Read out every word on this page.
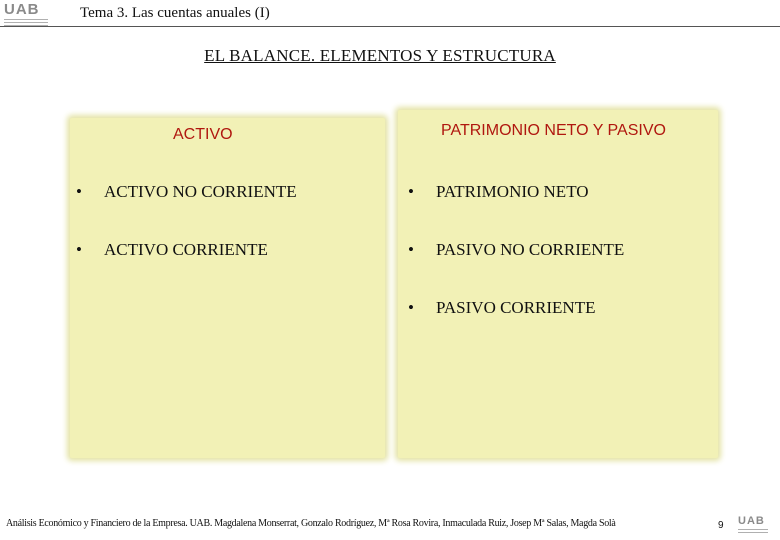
UAB	Tema 3. Las cuentas anuales (I)
EL BALANCE. ELEMENTOS Y ESTRUCTURA
ACTIVO
• ACTIVO NO CORRIENTE
• ACTIVO CORRIENTE
PATRIMONIO NETO Y PASIVO
• PATRIMONIO NETO
• PASIVO NO CORRIENTE
• PASIVO CORRIENTE
Análisis Económico y Financiero de la Empresa. UAB. Magdalena Monserrat, Gonzalo Rodríguez, Mª Rosa Rovira, Inmaculada Ruiz, Josep Mª Salas, Magda Solà	9 UAB
